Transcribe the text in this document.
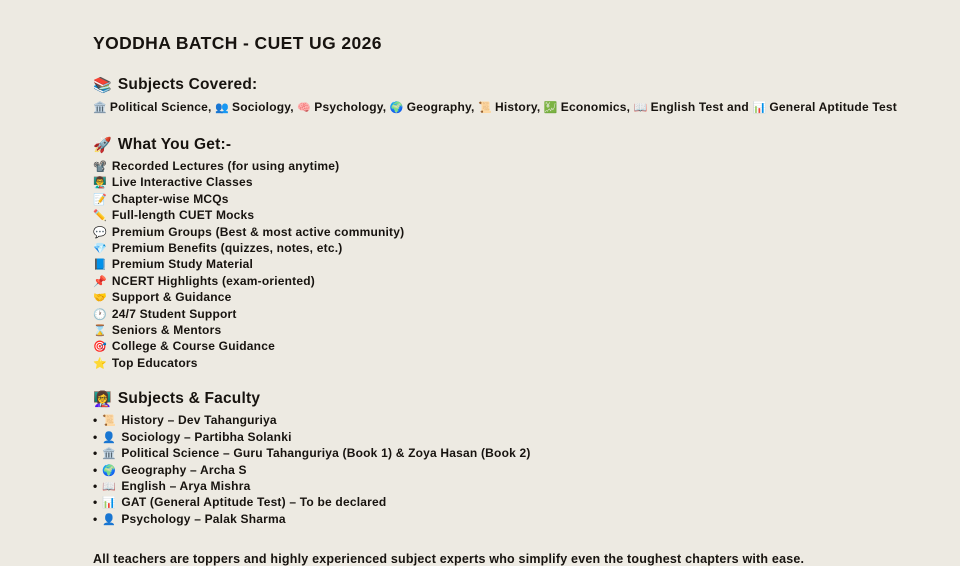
YODDHA BATCH - CUET UG 2026
📚 Subjects Covered:

🏛️ Political Science, 👥 Sociology, 🧠 Psychology, 🌍 Geography, 📜 History, 💹 Economics, 📖 English Test and 📊 General Aptitude Test

🚀 What You Get:-
📽️ Recorded Lectures (for using anytime)
👨‍🏫 Live Interactive Classes
📝 Chapter-wise MCQs
✏️ Full-length CUET Mocks
💬 Premium Groups (Best & most active community)
💎 Premium Benefits (quizzes, notes, etc.)
📘 Premium Study Material
📌 NCERT Highlights (exam-oriented)
🤝 Support & Guidance
🕐 24/7 Student Support
⌛ Seniors & Mentors
🎯 College & Course Guidance
⭐ Top Educators
👩‍🏫 Subjects & Faculty
• 📜 History – Dev Tahanguriya
• 👤 Sociology – Partibha Solanki
• 🏛️ Political Science – Guru Tahanguriya (Book 1) & Zoya Hasan (Book 2)
• 🌍 Geography – Archa S
• 📖 English – Arya Mishra
• 📊 GAT (General Aptitude Test) – To be declared
• 👤 Psychology – Palak Sharma

All teachers are toppers and highly experienced subject experts who simplify even the toughest chapters with ease.
